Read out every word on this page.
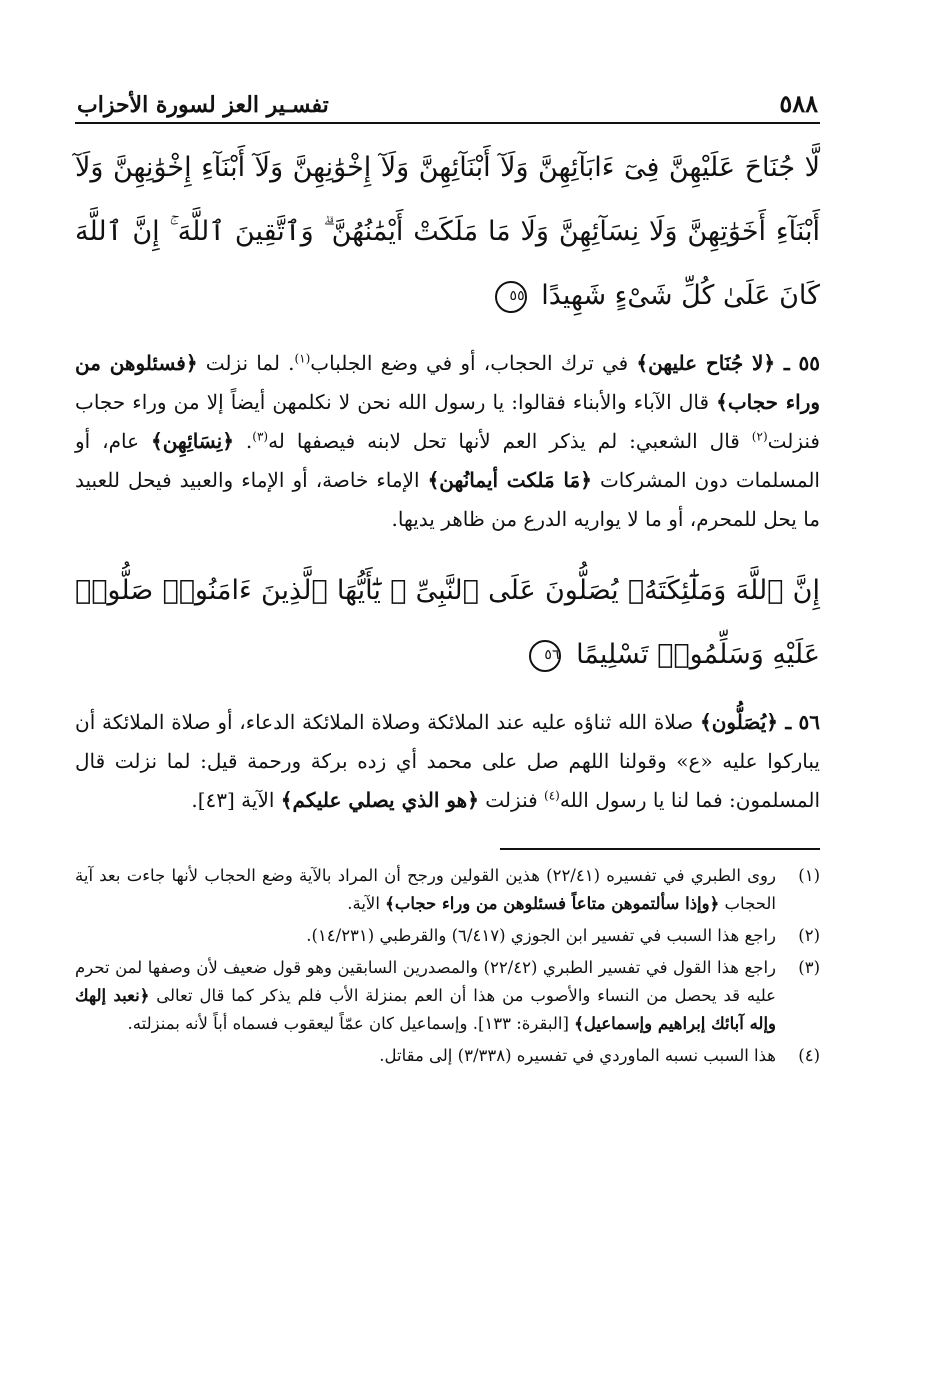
٥٨٨
تفسـير العز لسورة الأحزاب
لَّا جُنَاحَ عَلَيْهِنَّ فِىٓ ءَابَآئِهِنَّ وَلَآ أَبْنَآئِهِنَّ وَلَآ إِخْوَٰنِهِنَّ وَلَآ أَبْنَآءِ إِخْوَٰنِهِنَّ وَلَآ أَبْنَآءِ أَخَوَٰتِهِنَّ وَلَا نِسَآئِهِنَّ وَلَا مَا مَلَكَتْ أَيْمَٰنُهُنَّ ۗ وَٱتَّقِينَ ٱللَّهَ ۚ إِنَّ ٱللَّهَ كَانَ عَلَىٰ كُلِّ شَىْءٍ شَهِيدًا ٥٥

٥٥ ـ ﴿لا جُنَاح عليهن﴾ في ترك الحجاب، أو في وضع الجلباب$^{(١)}$. لما نزلت ﴿فسئلوهن من وراء حجاب﴾ قال الآباء والأبناء فقالوا: يا رسول الله نحن لا نكلمهن أيضاً إلا من وراء حجاب فنزلت$^{(٢)}$ قال الشعبي: لم يذكر العم لأنها تحل لابنه فيصفها له$^{(٣)}$. ﴿نِسَائِهِن﴾ عام، أو المسلمات دون المشركات ﴿مَا مَلكت أيمانُهن﴾ الإماء خاصة، أو الإماء والعبيد فيحل للعبيد ما يحل للمحرم، أو ما لا يواريه الدرع من ظاهر يديها.

إِنَّ ٱللَّهَ وَمَلَٰٓئِكَتَهُۥ يُصَلُّونَ عَلَى ٱلنَّبِىِّ ۚ يَٰٓأَيُّهَا ٱلَّذِينَ ءَامَنُوا۟ صَلُّوا۟ عَلَيْهِ وَسَلِّمُوا۟ تَسْلِيمًا ٥٦

٥٦ ـ ﴿يُصَلُّون﴾ صلاة الله ثناؤه عليه عند الملائكة وصلاة الملائكة الدعاء، أو صلاة الملائكة أن يباركوا عليه «ع» وقولنا اللهم صل على محمد أي زده بركة ورحمة قيل: لما نزلت قال المسلمون: فما لنا يا رسول الله$^{(٤)}$ فنزلت ﴿هو الذي يصلي عليكم﴾ الآية [٤٣].

(١)
روى الطبري في تفسيره (٢٢/٤١) هذين القولين ورجح أن المراد بالآية وضع الحجاب لأنها جاءت بعد آية الحجاب ﴿وإذا سألتموهن متاعاً فسئلوهن من وراء حجاب﴾ الآية.
(٢)
راجع هذا السبب في تفسير ابن الجوزي (٦/٤١٧) والقرطبي (١٤/٢٣١).
(٣)
راجع هذا القول في تفسير الطبري (٢٢/٤٢) والمصدرين السابقين وهو قول ضعيف لأن وصفها لمن تحرم عليه قد يحصل من النساء والأصوب من هذا أن العم بمنزلة الأب فلم يذكر كما قال تعالى ﴿نعبد إلهك وإله آبائك إبراهيم وإسماعيل﴾ [البقرة: ١٣٣]. وإسماعيل كان عمّاً ليعقوب فسماه أباً لأنه بمنزلته.
(٤)
هذا السبب نسبه الماوردي في تفسيره (٣/٣٣٨) إلى مقاتل.
